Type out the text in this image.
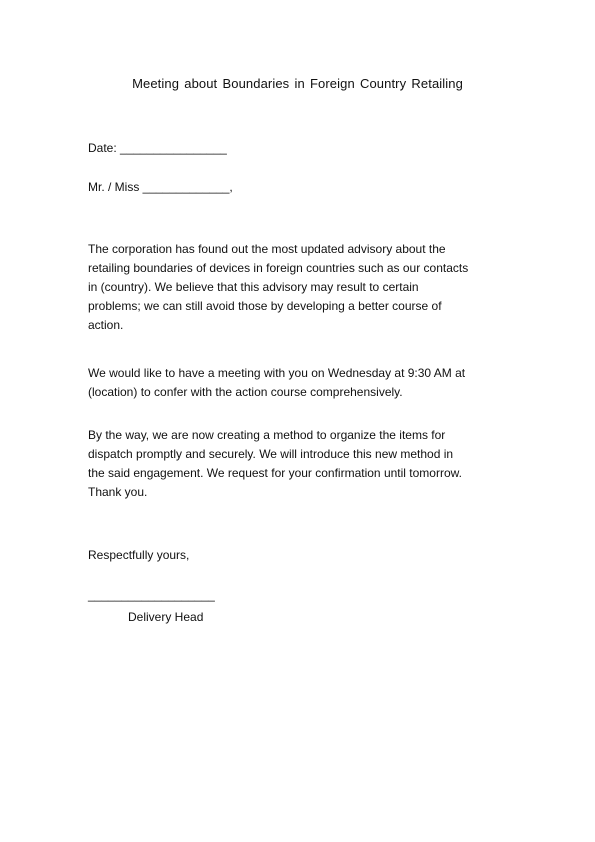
Meeting about Boundaries in Foreign Country Retailing
Date: ________________
Mr. / Miss _____________,
The corporation has found out the most updated advisory about the
retailing boundaries of devices in foreign countries such as our contacts
in (country). We believe that this advisory may result to certain
problems; we can still avoid those by developing a better course of
action.
We would like to have a meeting with you on Wednesday at 9:30 AM at
(location) to confer with the action course comprehensively.
By the way, we are now creating a method to organize the items for
dispatch promptly and securely. We will introduce this new method in
the said engagement. We request for your confirmation until tomorrow.
Thank you.
Respectfully yours,
___________________
Delivery Head
